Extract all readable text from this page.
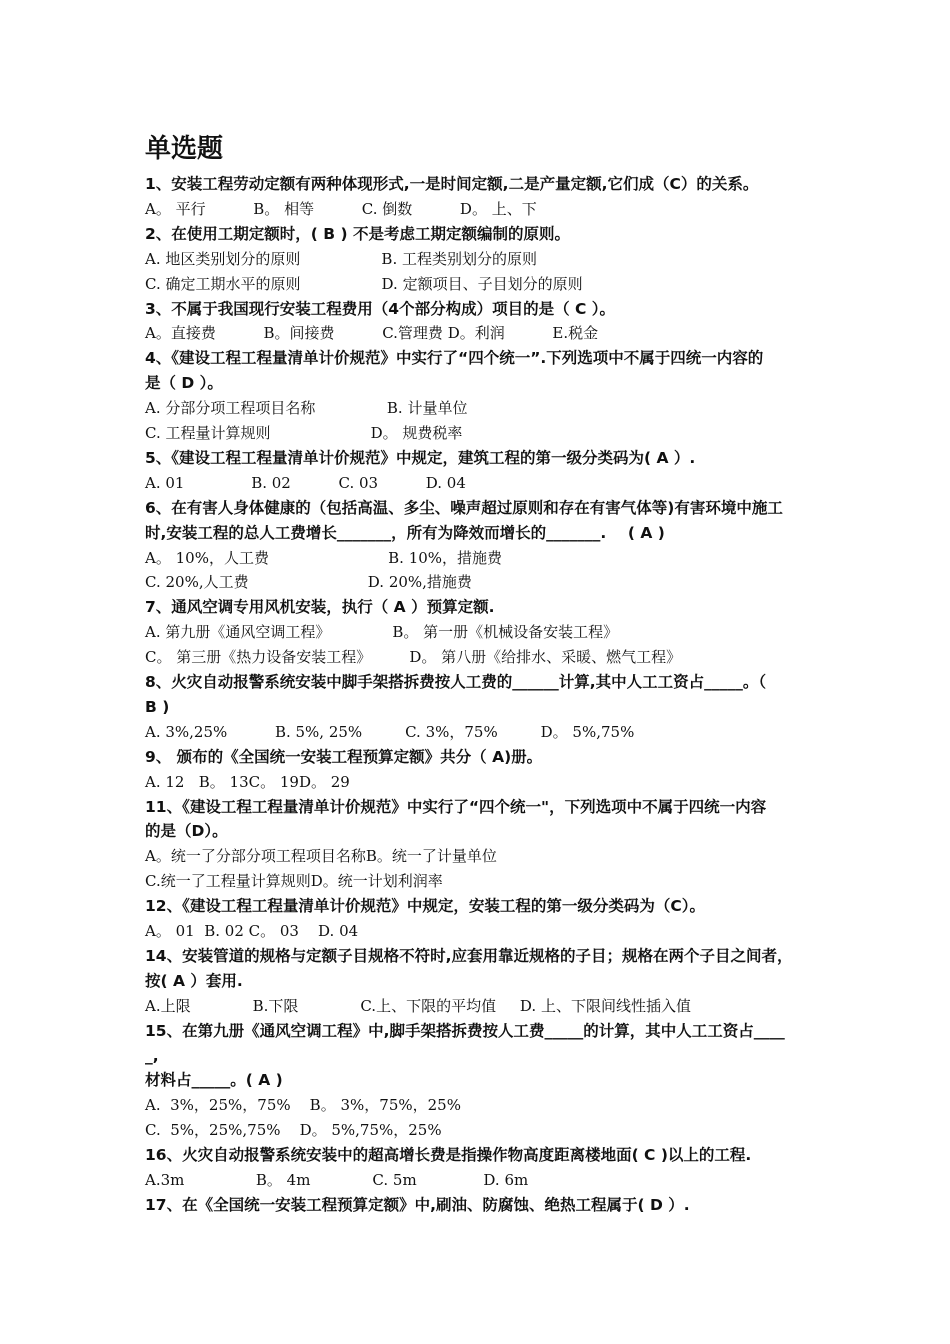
单选题
1、安装工程劳动定额有两种体现形式,一是时间定额,二是产量定额,它们成（C）的关系。
A。 平行          B。 相等          C. 倒数          D。 上、下
2、在使用工期定额时，( B ) 不是考虑工期定额编制的原则。
A. 地区类别划分的原则                 B. 工程类别划分的原则
C. 确定工期水平的原则                 D. 定额项目、子目划分的原则
3、不属于我国现行安装工程费用（4个部分构成）项目的是（ C ）。
A。直接费          B。间接费          C.管理费 D。利润          E.税金
4、《建设工程工程量清单计价规范》中实行了“四个统一”.下列选项中不属于四统一内容的
是（ D ）。
A. 分部分项工程项目名称               B. 计量单位
C. 工程量计算规则                     D。 规费税率
5、《建设工程工程量清单计价规范》中规定，建筑工程的第一级分类码为( A ）.
A. 01              B. 02          C. 03          D. 04
6、在有害人身体健康的（包括高温、多尘、噪声超过原则和存在有害气体等)有害环境中施工
时,安装工程的总人工费增长_______，所有为降效而增长的_______.    ( A )
A。 10%，人工费                         B. 10%，措施费
C. 20%,人工费                         D. 20%,措施费
7、通风空调专用风机安装，执行（ A ）预算定额.
A. 第九册《通风空调工程》             B。 第一册《机械设备安装工程》
C。 第三册《热力设备安装工程》        D。 第八册《给排水、采暖、燃气工程》
8、火灾自动报警系统安装中脚手架搭拆费按人工费的______计算,其中人工工资占_____。（
B )
A. 3%,25%          B. 5%, 25%         C. 3%，75%         D。 5%,75%
9、 颁布的《全国统一安装工程预算定额》共分（ A)册。
A. 12   B。 13C。 19D。 29
11、《建设工程工程量清单计价规范》中实行了“四个统一"，下列选项中不属于四统一内容
的是（D）。
A。统一了分部分项工程项目名称B。统一了计量单位
C.统一了工程量计算规则D。统一计划利润率
12、《建设工程工程量清单计价规范》中规定，安装工程的第一级分类码为（C）。
A。 01  B. 02 C。 03    D. 04
14、安装管道的规格与定额子目规格不符时,应套用靠近规格的子目；规格在两个子目之间者，
按( A ）套用.
A.上限             B.下限             C.上、下限的平均值     D. 上、下限间线性插入值
15、在第九册《通风空调工程》中,脚手架搭拆费按人工费_____的计算，其中人工工资占____
_,
材料占_____。( A )
A.  3%，25%，75%    B。 3%，75%，25%
C.  5%，25%,75%    D。 5%,75%，25%
16、火灾自动报警系统安装中的超高增长费是指操作物高度距离楼地面( C )以上的工程.
A.3m               B。 4m             C. 5m              D. 6m
17、在《全国统一安装工程预算定额》中,刷油、防腐蚀、绝热工程属于( D ）.
